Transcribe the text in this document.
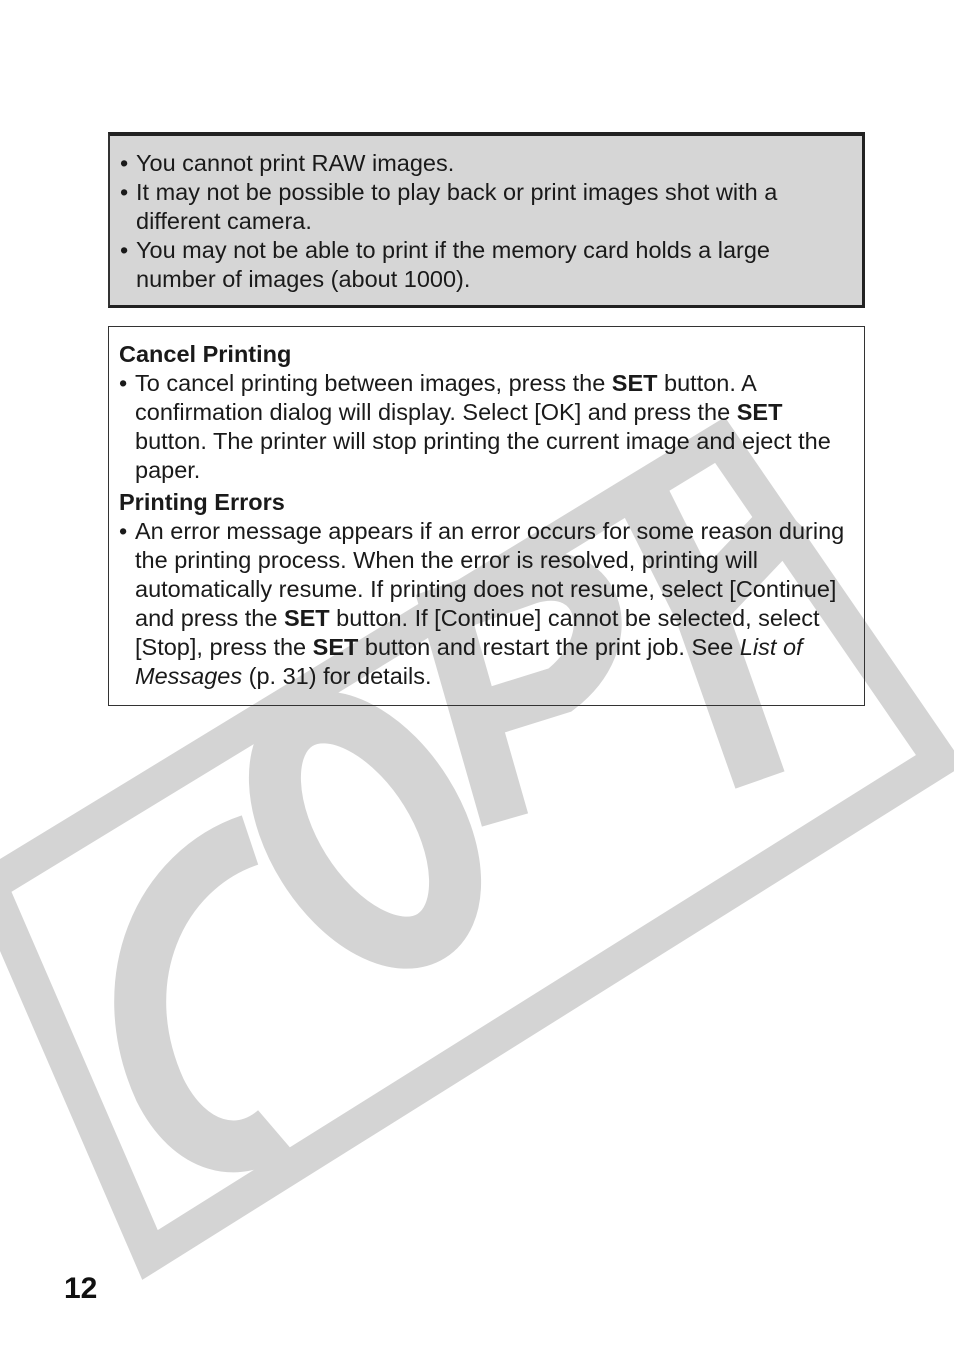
• You cannot print RAW images.
• It may not be possible to play back or print images shot with a different camera.
• You may not be able to print if the memory card holds a large number of images (about 1000).
Cancel Printing
• To cancel printing between images, press the SET button. A confirmation dialog will display. Select [OK] and press the SET button. The printer will stop printing the current image and eject the paper.
Printing Errors
• An error message appears if an error occurs for some reason during the printing process. When the error is resolved, printing will automatically resume. If printing does not resume, select [Continue] and press the SET button. If [Continue] cannot be selected, select [Stop], press the SET button and restart the print job. See List of Messages (p. 31) for details.
12
